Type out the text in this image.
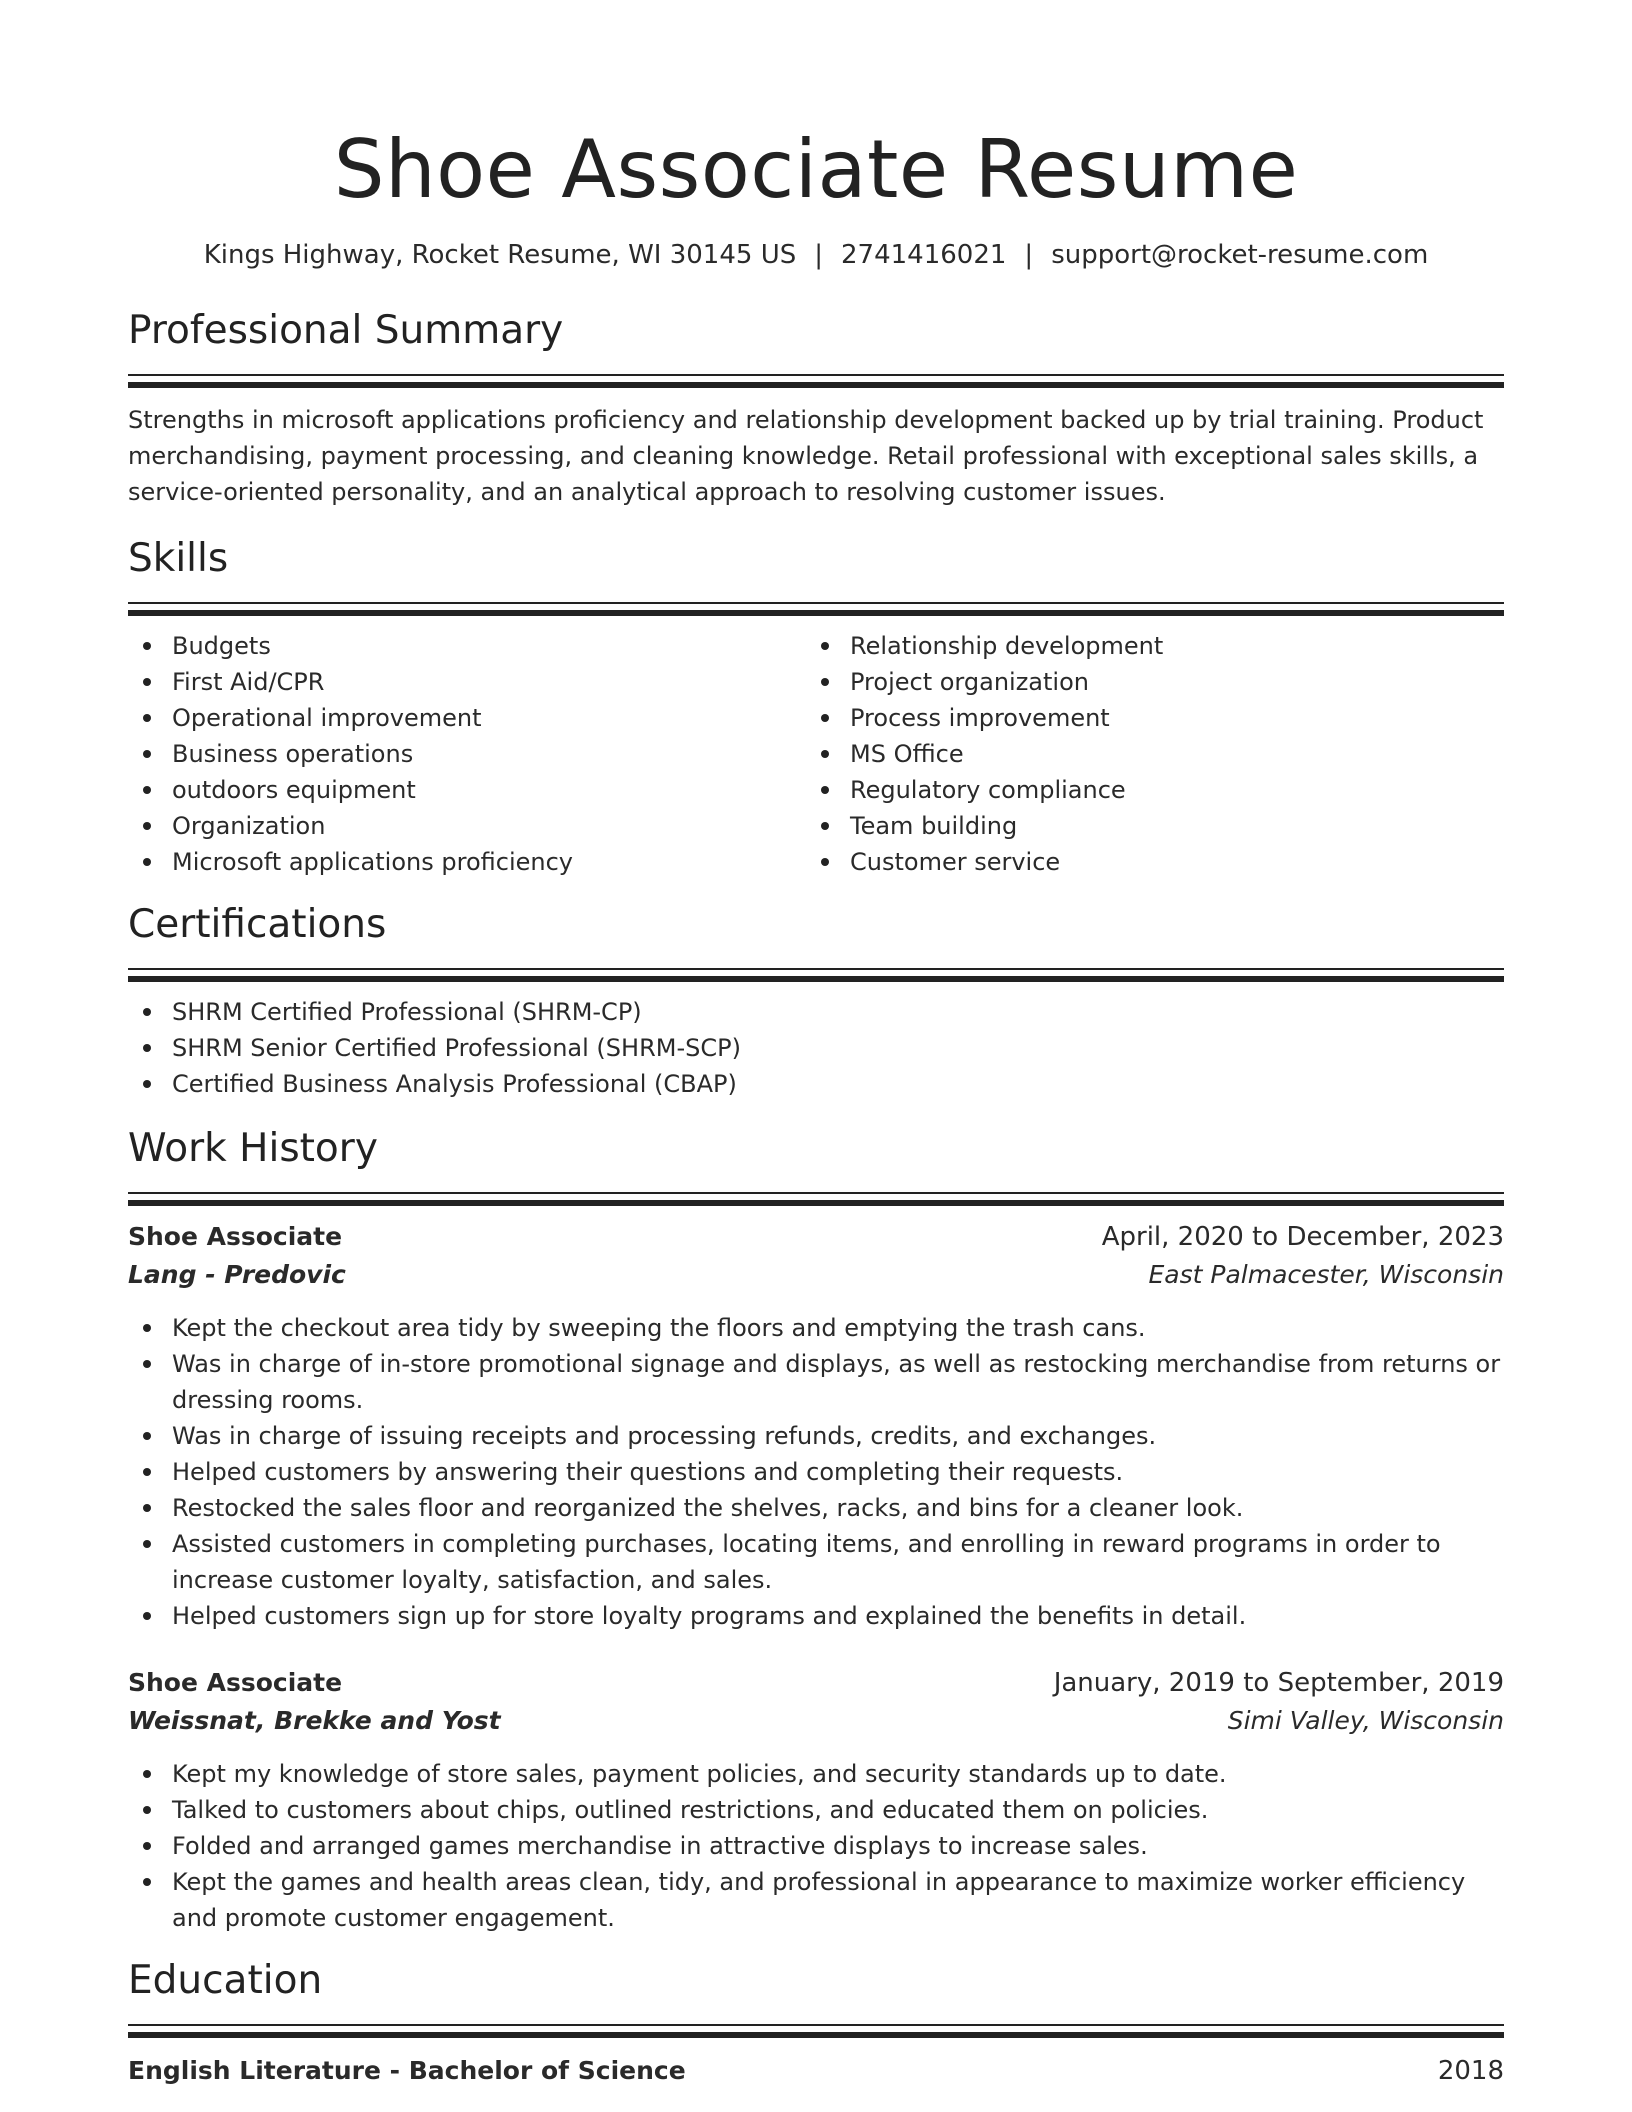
Shoe Associate Resume
Kings Highway, Rocket Resume, WI 30145 US | 2741416021 | support@rocket-resume.com
Professional Summary

Strengths in microsoft applications proficiency and relationship development backed up by trial training. Product merchandising, payment processing, and cleaning knowledge. Retail professional with exceptional sales skills, a service-oriented personality, and an analytical approach to resolving customer issues.

Skills
Budgets
First Aid/CPR
Operational improvement
Business operations
outdoors equipment
Organization
Microsoft applications proficiency
Relationship development
Project organization
Process improvement
MS Office
Regulatory compliance
Team building
Customer service
Certifications
SHRM Certified Professional (SHRM-CP)
SHRM Senior Certified Professional (SHRM-SCP)
Certified Business Analysis Professional (CBAP)
Work History
Shoe Associate	April, 2020 to December, 2023
Lang - Predovic	East Palmacester, Wisconsin
Kept the checkout area tidy by sweeping the floors and emptying the trash cans.
Was in charge of in-store promotional signage and displays, as well as restocking merchandise from returns or dressing rooms.
Was in charge of issuing receipts and processing refunds, credits, and exchanges.
Helped customers by answering their questions and completing their requests.
Restocked the sales floor and reorganized the shelves, racks, and bins for a cleaner look.
Assisted customers in completing purchases, locating items, and enrolling in reward programs in order to increase customer loyalty, satisfaction, and sales.
Helped customers sign up for store loyalty programs and explained the benefits in detail.
Shoe Associate	January, 2019 to September, 2019
Weissnat, Brekke and Yost	Simi Valley, Wisconsin
Kept my knowledge of store sales, payment policies, and security standards up to date.
Talked to customers about chips, outlined restrictions, and educated them on policies.
Folded and arranged games merchandise in attractive displays to increase sales.
Kept the games and health areas clean, tidy, and professional in appearance to maximize worker efficiency and promote customer engagement.
Education
English Literature - Bachelor of Science	2018
